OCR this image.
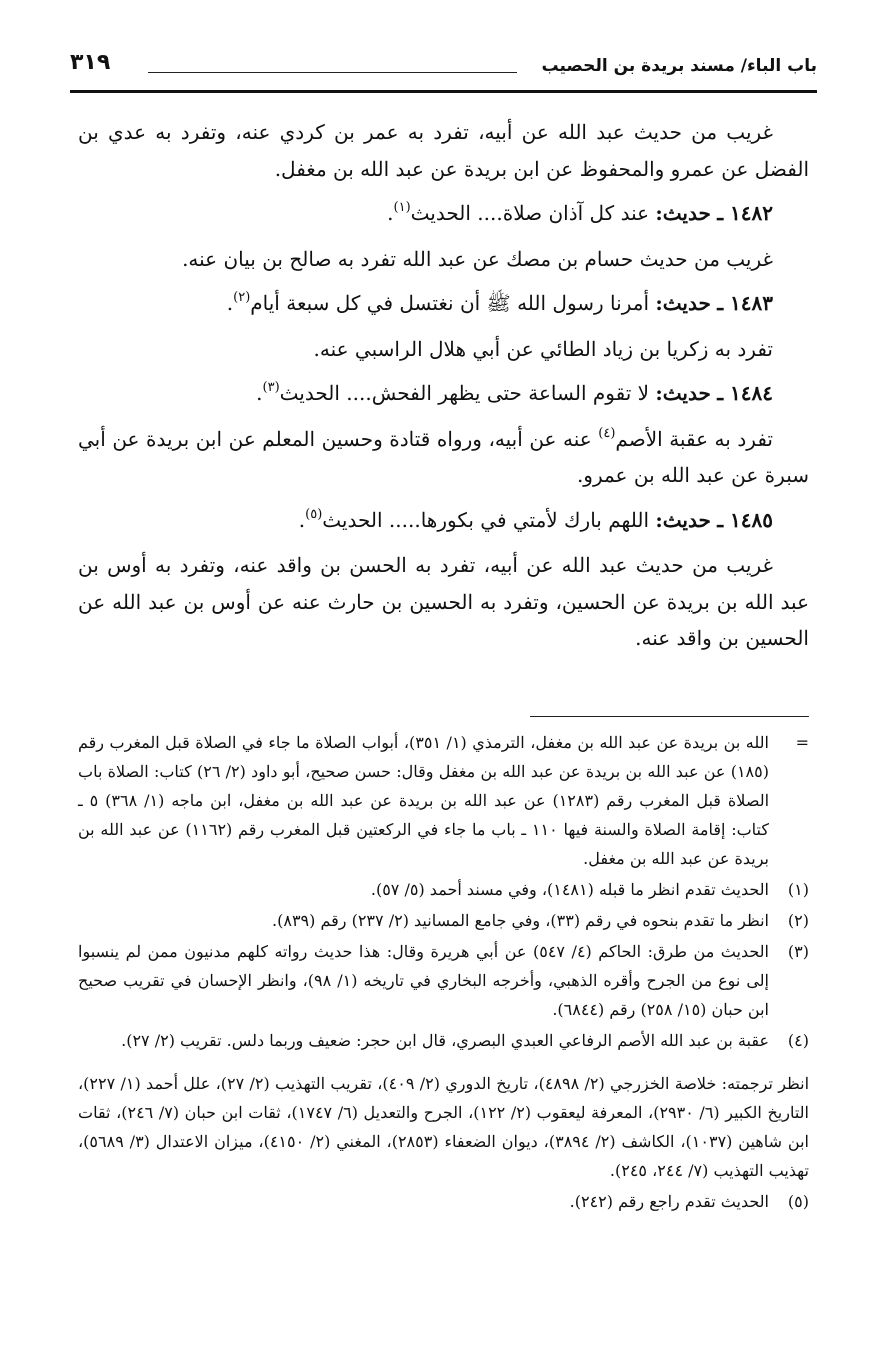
باب الباء/ مسند بريدة بن الحصيب
٣١٩

غريب من حديث عبد الله عن أبيه، تفرد به عمر بن كردي عنه، وتفرد به عدي بن الفضل عن عمرو والمحفوظ عن ابن بريدة عن عبد الله بن مغفل.

١٤٨٢ ـ حديث: عند كل آذان صلاة.... الحديث$^{(١)}$.

غريب من حديث حسام بن مصك عن عبد الله تفرد به صالح بن بيان عنه.

١٤٨٣ ـ حديث: أمرنا رسول الله ﷺ أن نغتسل في كل سبعة أيام$^{(٢)}$.

تفرد به زكريا بن زياد الطائي عن أبي هلال الراسبي عنه.

١٤٨٤ ـ حديث: لا تقوم الساعة حتى يظهر الفحش.... الحديث$^{(٣)}$.

تفرد به عقبة الأصم$^{(٤)}$ عنه عن أبيه، ورواه قتادة وحسين المعلم عن ابن بريدة عن أبي سبرة عن عبد الله بن عمرو.

١٤٨٥ ـ حديث: اللهم بارك لأمتي في بكورها..... الحديث$^{(٥)}$.

غريب من حديث عبد الله عن أبيه، تفرد به الحسن بن واقد عنه، وتفرد به أوس بن عبد الله بن بريدة عن الحسين، وتفرد به الحسين بن حارث عنه عن أوس بن عبد الله عن الحسين بن واقد عنه.

=
الله بن بريدة عن عبد الله بن مغفل، الترمذي (١/ ٣٥١)، أبواب الصلاة ما جاء في الصلاة قبل المغرب رقم (١٨٥) عن عبد الله بن بريدة عن عبد الله بن مغفل وقال: حسن صحيح، أبو داود (٢/ ٢٦) كتاب: الصلاة باب الصلاة قبل المغرب رقم (١٢٨٣) عن عبد الله بن بريدة عن عبد الله بن مغفل، ابن ماجه (١/ ٣٦٨) ٥ ـ كتاب: إقامة الصلاة والسنة فيها ١١٠ ـ باب ما جاء في الركعتين قبل المغرب رقم (١١٦٢) عن عبد الله بن بريدة عن عبد الله بن مغفل.
(١)
الحديث تقدم انظر ما قبله (١٤٨١)، وفي مسند أحمد (٥/ ٥٧).
(٢)
انظر ما تقدم بنحوه في رقم (٣٣)، وفي جامع المسانيد (٢/ ٢٣٧) رقم (٨٣٩).
(٣)
الحديث من طرق: الحاكم (٤/ ٥٤٧) عن أبي هريرة وقال: هذا حديث رواته كلهم مدنيون ممن لم ينسبوا إلى نوع من الجرح وأقره الذهبي، وأخرجه البخاري في تاريخه (١/ ٩٨)، وانظر الإحسان في تقريب صحيح ابن حبان (١٥/ ٢٥٨) رقم (٦٨٤٤).
(٤)
عقبة بن عبد الله الأصم الرفاعي العبدي البصري، قال ابن حجر: ضعيف وربما دلس. تقريب (٢/ ٢٧).
انظر ترجمته: خلاصة الخزرجي (٢/ ٤٨٩٨)، تاريخ الدوري (٢/ ٤٠٩)، تقريب التهذيب (٢/ ٢٧)، علل أحمد (١/ ٢٢٧)، التاريخ الكبير (٦/ ٢٩٣٠)، المعرفة ليعقوب (٢/ ١٢٢)، الجرح والتعديل (٦/ ١٧٤٧)، ثقات ابن حبان (٧/ ٢٤٦)، ثقات ابن شاهين (١٠٣٧)، الكاشف (٢/ ٣٨٩٤)، ديوان الضعفاء (٢٨٥٣)، المغني (٢/ ٤١٥٠)، ميزان الاعتدال (٣/ ٥٦٨٩)، تهذيب التهذيب (٧/ ٢٤٤، ٢٤٥).
(٥)
الحديث تقدم راجع رقم (٢٤٢).
